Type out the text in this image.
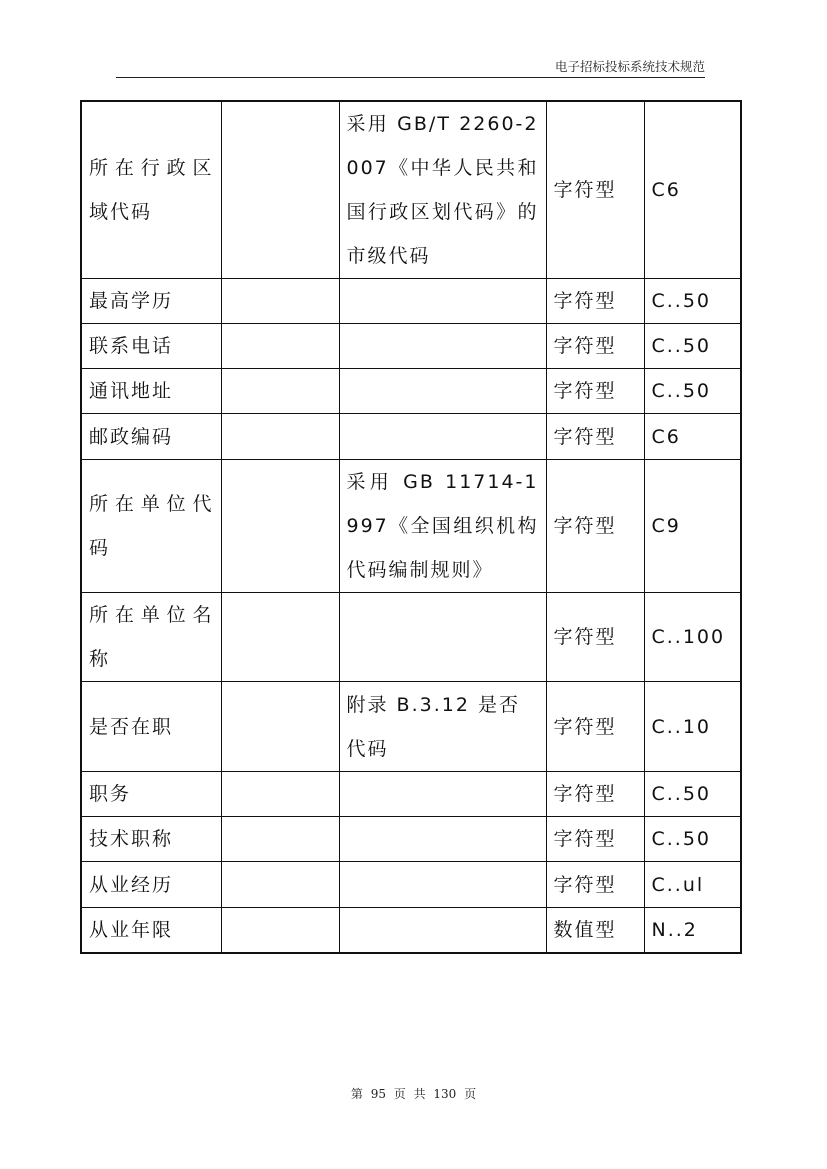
电子招标投标系统技术规范
所在行政区域代码		采用 GB/T 2260-2007《中华人民共和国行政区划代码》的市级代码	字符型	C6
最高学历			字符型	C..50
联系电话			字符型	C..50
通讯地址			字符型	C..50
邮政编码			字符型	C6
所在单位代码		采用 GB 11714-1997《全国组织机构代码编制规则》	字符型	C9
所在单位名称			字符型	C..100
是否在职		附录 B.3.12 是否代码	字符型	C..10
职务			字符型	C..50
技术职称			字符型	C..50
从业经历			字符型	C..ul
从业年限			数值型	N..2
第 95 页 共 130 页
